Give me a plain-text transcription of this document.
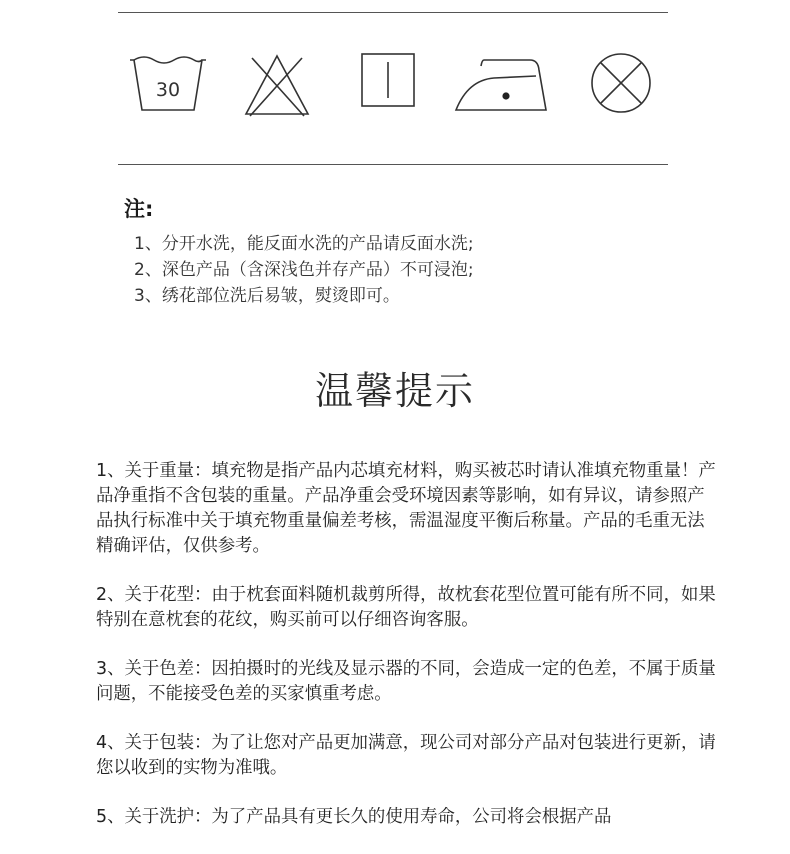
30
注:
1、分开水洗，能反面水洗的产品请反面水洗;
2、深色产品（含深浅色并存产品）不可浸泡;
3、绣花部位洗后易皱，熨烫即可。
温馨提示

1、关于重量：填充物是指产品内芯填充材料，购买被芯时请认准填充物重量！产品净重指不含包装的重量。产品净重会受环境因素等影响，如有异议，请参照产品执行标准中关于填充物重量偏差考核，需温湿度平衡后称量。产品的毛重无法精确评估，仅供参考。

2、关于花型：由于枕套面料随机裁剪所得，故枕套花型位置可能有所不同，如果特别在意枕套的花纹，购买前可以仔细咨询客服。

3、关于色差：因拍摄时的光线及显示器的不同，会造成一定的色差，不属于质量问题，不能接受色差的买家慎重考虑。

4、关于包装：为了让您对产品更加满意，现公司对部分产品对包装进行更新，请您以收到的实物为准哦。

5、关于洗护：为了产品具有更长久的使用寿命，公司将会根据产品
